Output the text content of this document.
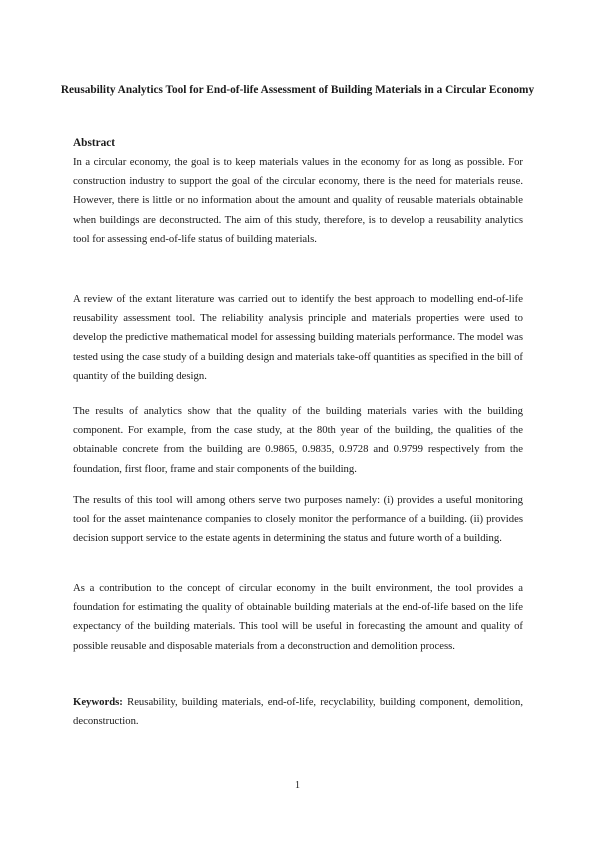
Reusability Analytics Tool for End-of-life Assessment of Building Materials in a Circular Economy
Abstract

In a circular economy, the goal is to keep materials values in the economy for as long as possible. For construction industry to support the goal of the circular economy, there is the need for materials reuse. However, there is little or no information about the amount and quality of reusable materials obtainable when buildings are deconstructed. The aim of this study, therefore, is to develop a reusability analytics tool for assessing end-of-life status of building materials.

A review of the extant literature was carried out to identify the best approach to modelling end-of-life reusability assessment tool. The reliability analysis principle and materials properties were used to develop the predictive mathematical model for assessing building materials performance. The model was tested using the case study of a building design and materials take-off quantities as specified in the bill of quantity of the building design.

The results of analytics show that the quality of the building materials varies with the building component. For example, from the case study, at the 80th year of the building, the qualities of the obtainable concrete from the building are 0.9865, 0.9835, 0.9728 and 0.9799 respectively from the foundation, first floor, frame and stair components of the building.

The results of this tool will among others serve two purposes namely: (i) provides a useful monitoring tool for the asset maintenance companies to closely monitor the performance of a building. (ii) provides decision support service to the estate agents in determining the status and future worth of a building.

As a contribution to the concept of circular economy in the built environment, the tool provides a foundation for estimating the quality of obtainable building materials at the end-of-life based on the life expectancy of the building materials. This tool will be useful in forecasting the amount and quality of possible reusable and disposable materials from a deconstruction and demolition process.

Keywords: Reusability, building materials, end-of-life, recyclability, building component, demolition, deconstruction.

1
